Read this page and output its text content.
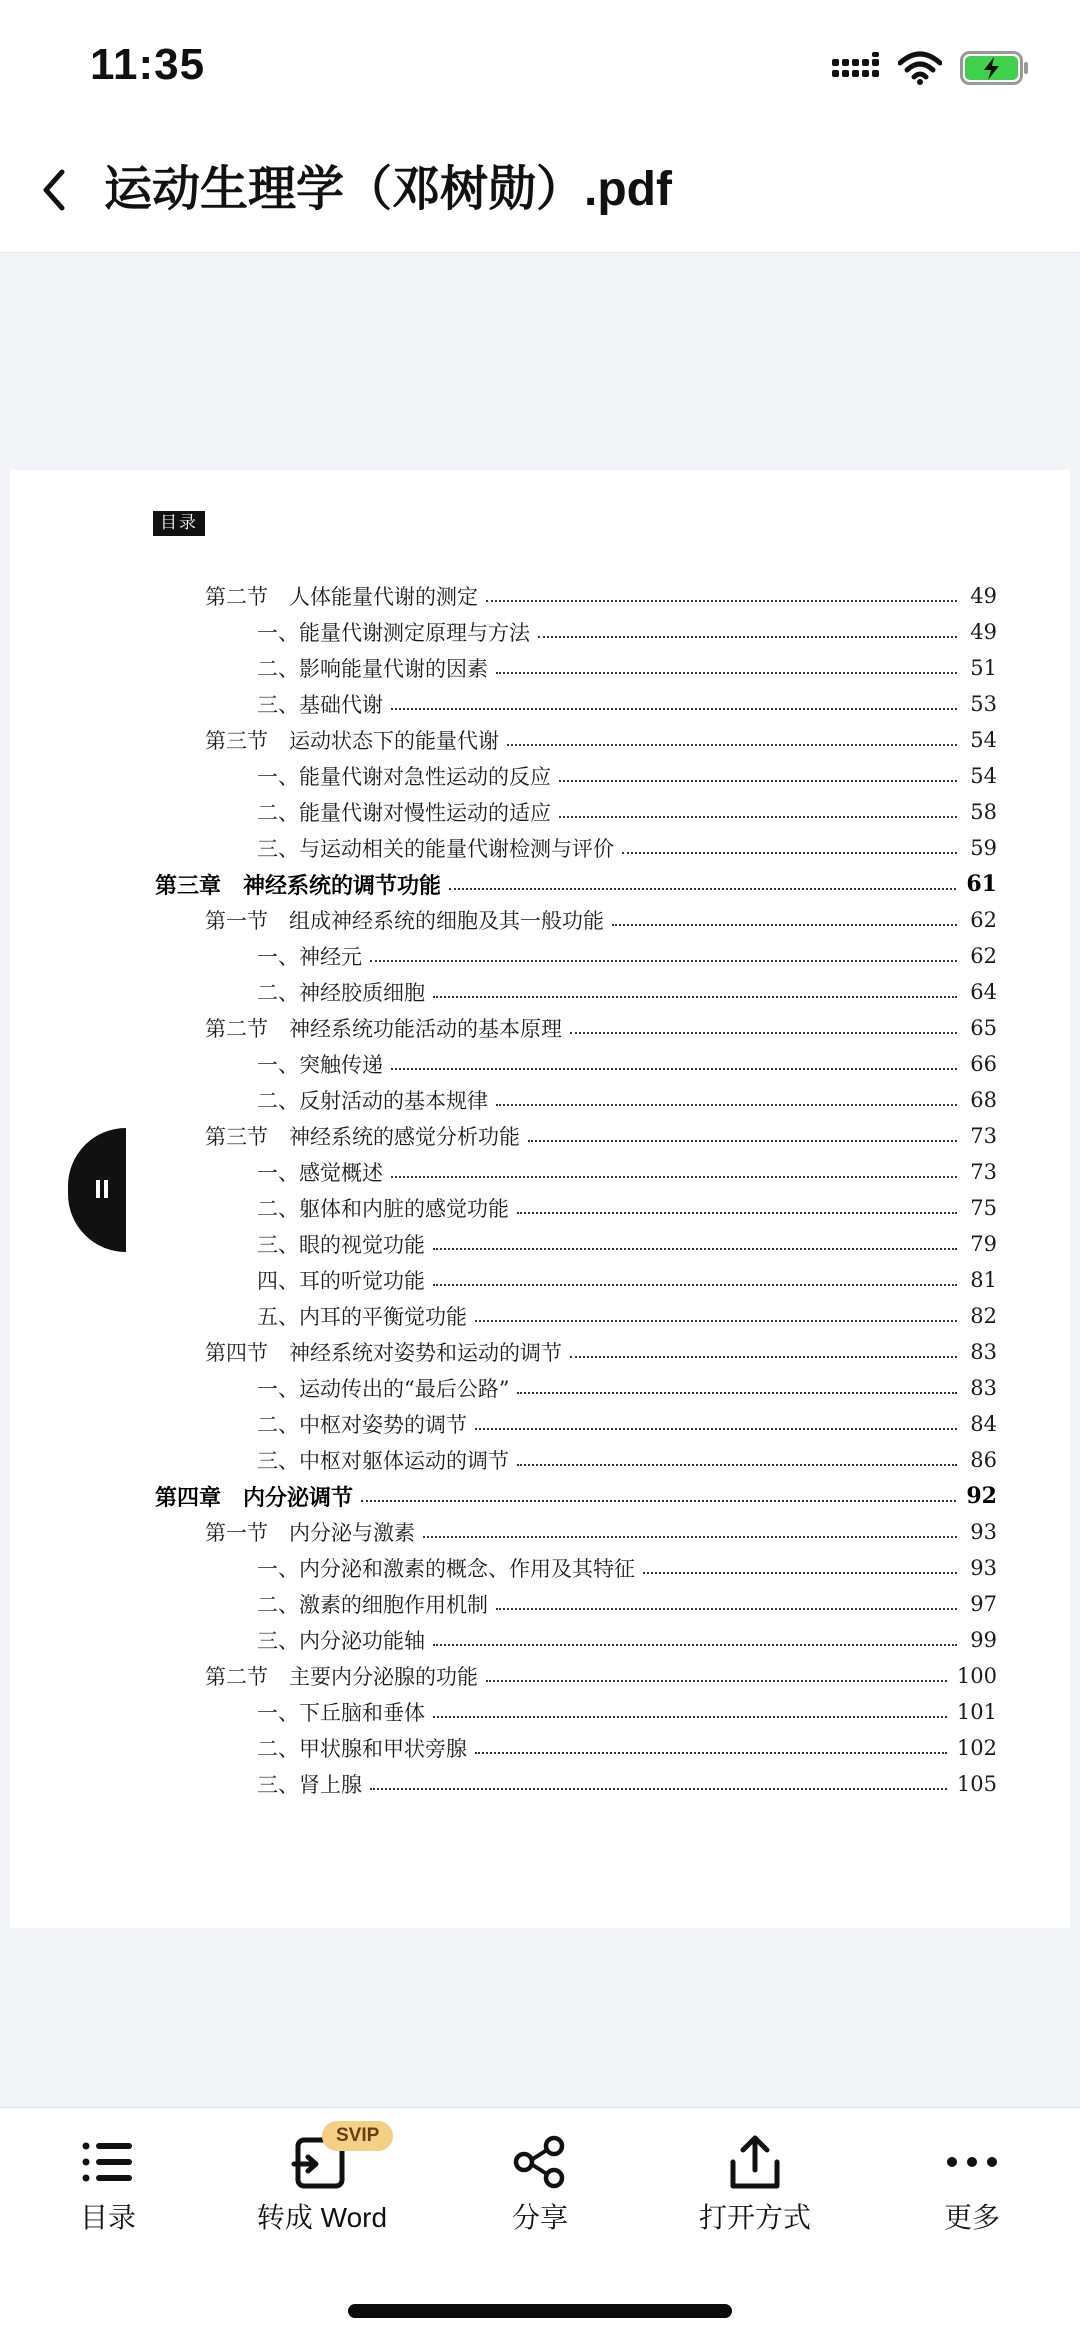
11:35
运动生理学（邓树勋）.pdf
目录
第二节　人体能量代谢的测定	49
一、能量代谢测定原理与方法	49
二、影响能量代谢的因素	51
三、基础代谢	53
第三节　运动状态下的能量代谢	54
一、能量代谢对急性运动的反应	54
二、能量代谢对慢性运动的适应	58
三、与运动相关的能量代谢检测与评价	59
第三章　神经系统的调节功能	61
第一节　组成神经系统的细胞及其一般功能	62
一、神经元	62
二、神经胶质细胞	64
第二节　神经系统功能活动的基本原理	65
一、突触传递	66
二、反射活动的基本规律	68
第三节　神经系统的感觉分析功能	73
一、感觉概述	73
二、躯体和内脏的感觉功能	75
三、眼的视觉功能	79
四、耳的听觉功能	81
五、内耳的平衡觉功能	82
第四节　神经系统对姿势和运动的调节	83
一、运动传出的“最后公路”	83
二、中枢对姿势的调节	84
三、中枢对躯体运动的调节	86
第四章　内分泌调节	92
第一节　内分泌与激素	93
一、内分泌和激素的概念、作用及其特征	93
二、激素的细胞作用机制	97
三、内分泌功能轴	99
第二节　主要内分泌腺的功能	100
一、下丘脑和垂体	101
二、甲状腺和甲状旁腺	102
三、肾上腺	105
目录	转成 Word
SVIP
分享	打开方式	更多
